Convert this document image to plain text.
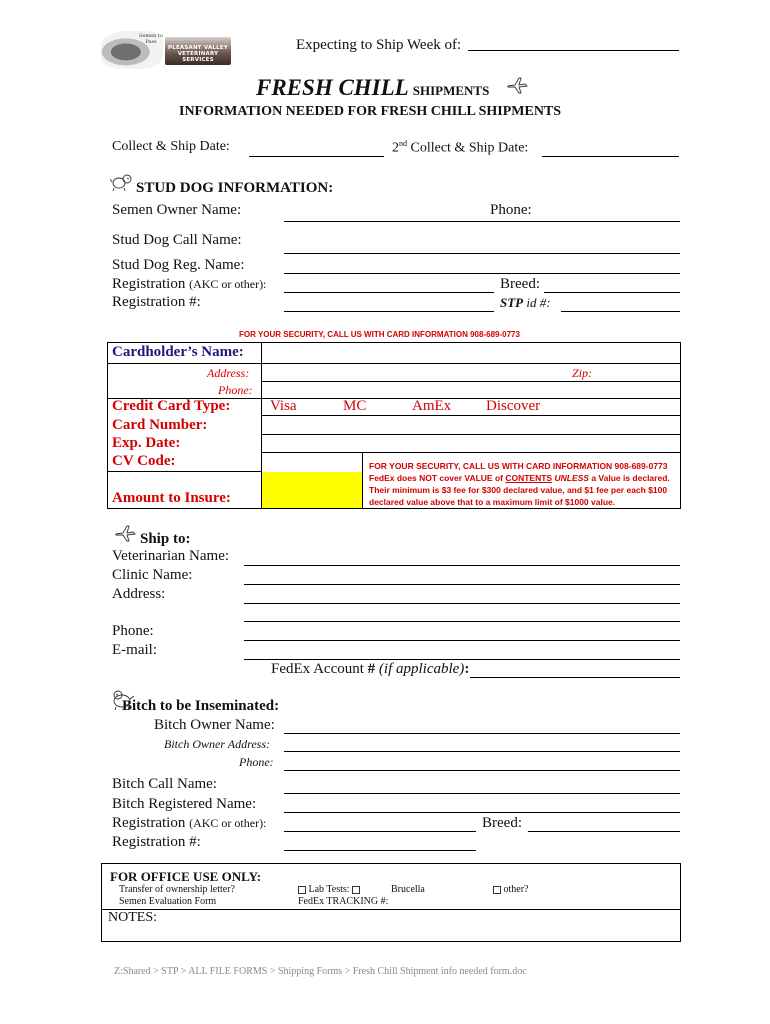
Semen to Pass
PLEASANT VALLEY VETERINARY SERVICES
Expecting to Ship Week of:
FRESH CHILL SHIPMENTS
INFORMATION NEEDED FOR FRESH CHILL SHIPMENTS
Collect & Ship Date:	2nd Collect & Ship Date:
STUD DOG INFORMATION:
Semen Owner Name:	Phone:
Stud Dog Call Name:
Stud Dog Reg. Name:
Registration (AKC or other):	Breed:
Registration #:	STP id #:
FOR YOUR SECURITY, CALL US WITH CARD INFORMATION 908-689-0773
Cardholder’s Name:
Address:	Zip:
Phone:
Credit Card Type:	Visa	MC	AmEx Discover
Card Number:
Exp. Date:
CV Code:
Amount to Insure:
FOR YOUR SECURITY, CALL US WITH CARD INFORMATION 908-689-0773
FedEx does NOT cover VALUE of CONTENTS UNLESS a Value is declared.
Their minimum is $3 fee for $300 declared value, and $1 fee per each $100
declared value above that to a maximum limit of $1000 value.
Ship to:
Veterinarian Name:
Clinic Name:
Address:
Phone:
E-mail:
FedEx Account # (if applicable):
Bitch to be Inseminated:
Bitch Owner Name:
Bitch Owner Address:
Phone:
Bitch Call Name:
Bitch Registered Name:
Registration (AKC or other):	Breed:
Registration #:
FOR OFFICE USE ONLY:
Transfer of ownership letter?
Semen Evaluation Form
Lab Tests:	Brucella	other?
FedEx TRACKING #:
NOTES:
Z:Shared > STP > ALL FILE FORMS > Shipping Forms > Fresh Chill Shipment info needed form.doc
